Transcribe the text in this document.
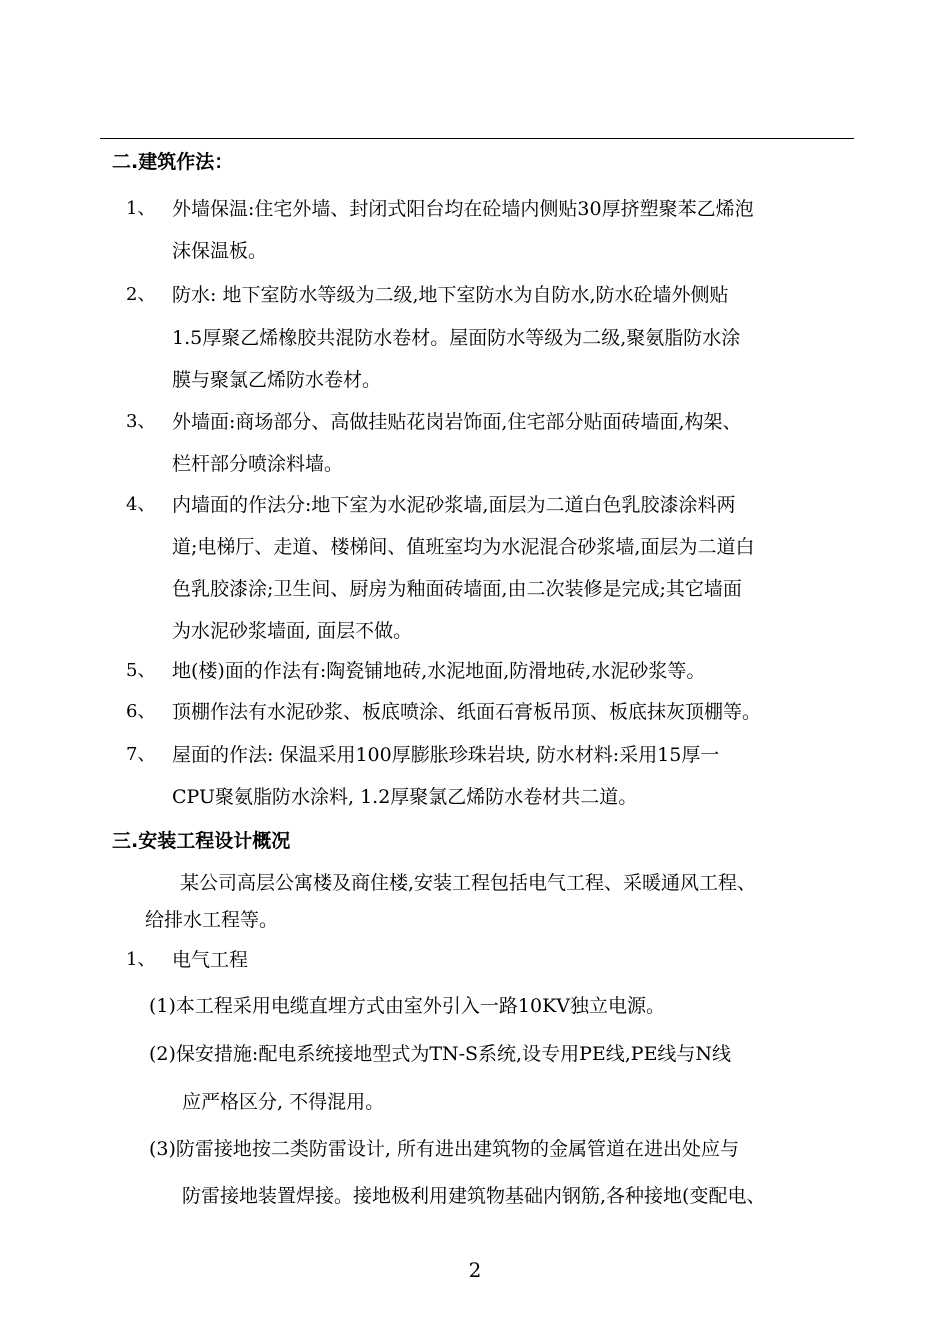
二.建筑作法：
1、 外墙保温:住宅外墙、封闭式阳台均在砼墙内侧贴30厚挤塑聚苯乙烯泡
沫保温板。
2、 防水: 地下室防水等级为二级,地下室防水为自防水,防水砼墙外侧贴
1.5厚聚乙烯橡胶共混防水卷材。屋面防水等级为二级,聚氨脂防水涂
膜与聚氯乙烯防水卷材。
3、 外墙面:商场部分、高做挂贴花岗岩饰面,住宅部分贴面砖墙面,构架、
栏杆部分喷涂料墙。
4、 内墙面的作法分:地下室为水泥砂浆墙,面层为二道白色乳胶漆涂料两
道;电梯厅、走道、楼梯间、值班室均为水泥混合砂浆墙,面层为二道白
色乳胶漆涂;卫生间、厨房为釉面砖墙面,由二次装修是完成;其它墙面
为水泥砂浆墙面, 面层不做。
5、 地(楼)面的作法有:陶瓷铺地砖,水泥地面,防滑地砖,水泥砂浆等。
6、 顶棚作法有水泥砂浆、板底喷涂、纸面石膏板吊顶、板底抹灰顶棚等。
7、 屋面的作法: 保温采用100厚膨胀珍珠岩块, 防水材料:采用15厚一
CPU聚氨脂防水涂料, 1.2厚聚氯乙烯防水卷材共二道。
三.安装工程设计概况
某公司高层公寓楼及商住楼,安装工程包括电气工程、采暖通风工程、
给排水工程等。
1、 电气工程
(1)本工程采用电缆直埋方式由室外引入一路10KV独立电源。
(2)保安措施:配电系统接地型式为TN-S系统,设专用PE线,PE线与N线
应严格区分, 不得混用。
(3)防雷接地按二类防雷设计, 所有进出建筑物的金属管道在进出处应与
防雷接地装置焊接。接地极利用建筑物基础内钢筋,各种接地(变配电、
2
